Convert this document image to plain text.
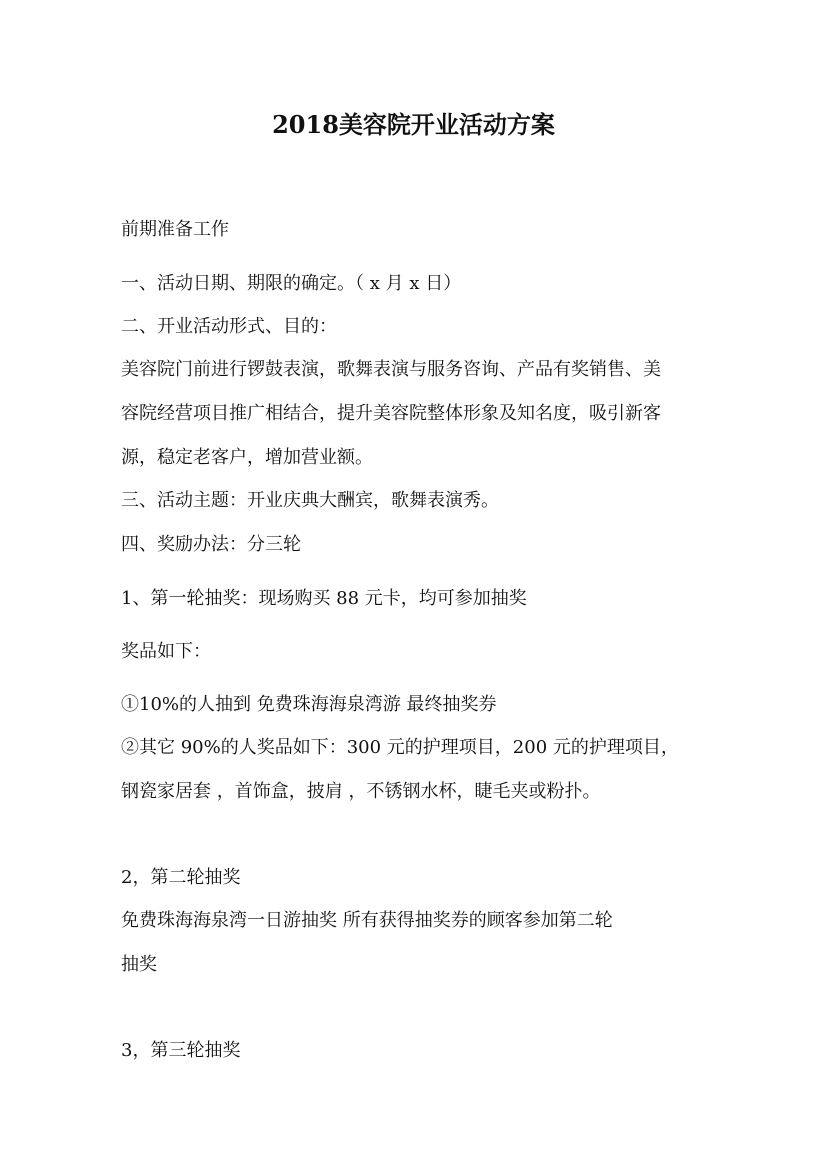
2018美容院开业活动方案
前期准备工作
一、活动日期、期限的确定。（ x 月 x 日）
二、开业活动形式、目的：
美容院门前进行锣鼓表演，歌舞表演与服务咨询、产品有奖销售、美
容院经营项目推广相结合，提升美容院整体形象及知名度，吸引新客
源，稳定老客户，增加营业额。
三、活动主题：开业庆典大酬宾，歌舞表演秀。
四、奖励办法：分三轮
1、第一轮抽奖：现场购买 88 元卡，均可参加抽奖
奖品如下：
①10%的人抽到 免费珠海海泉湾游 最终抽奖券
②其它 90%的人奖品如下：300 元的护理项目，200 元的护理项目，
钢瓷家居套 ，首饰盒，披肩 ，不锈钢水杯，睫毛夹或粉扑。
2，第二轮抽奖
免费珠海海泉湾一日游抽奖 所有获得抽奖券的顾客参加第二轮
抽奖
3，第三轮抽奖
